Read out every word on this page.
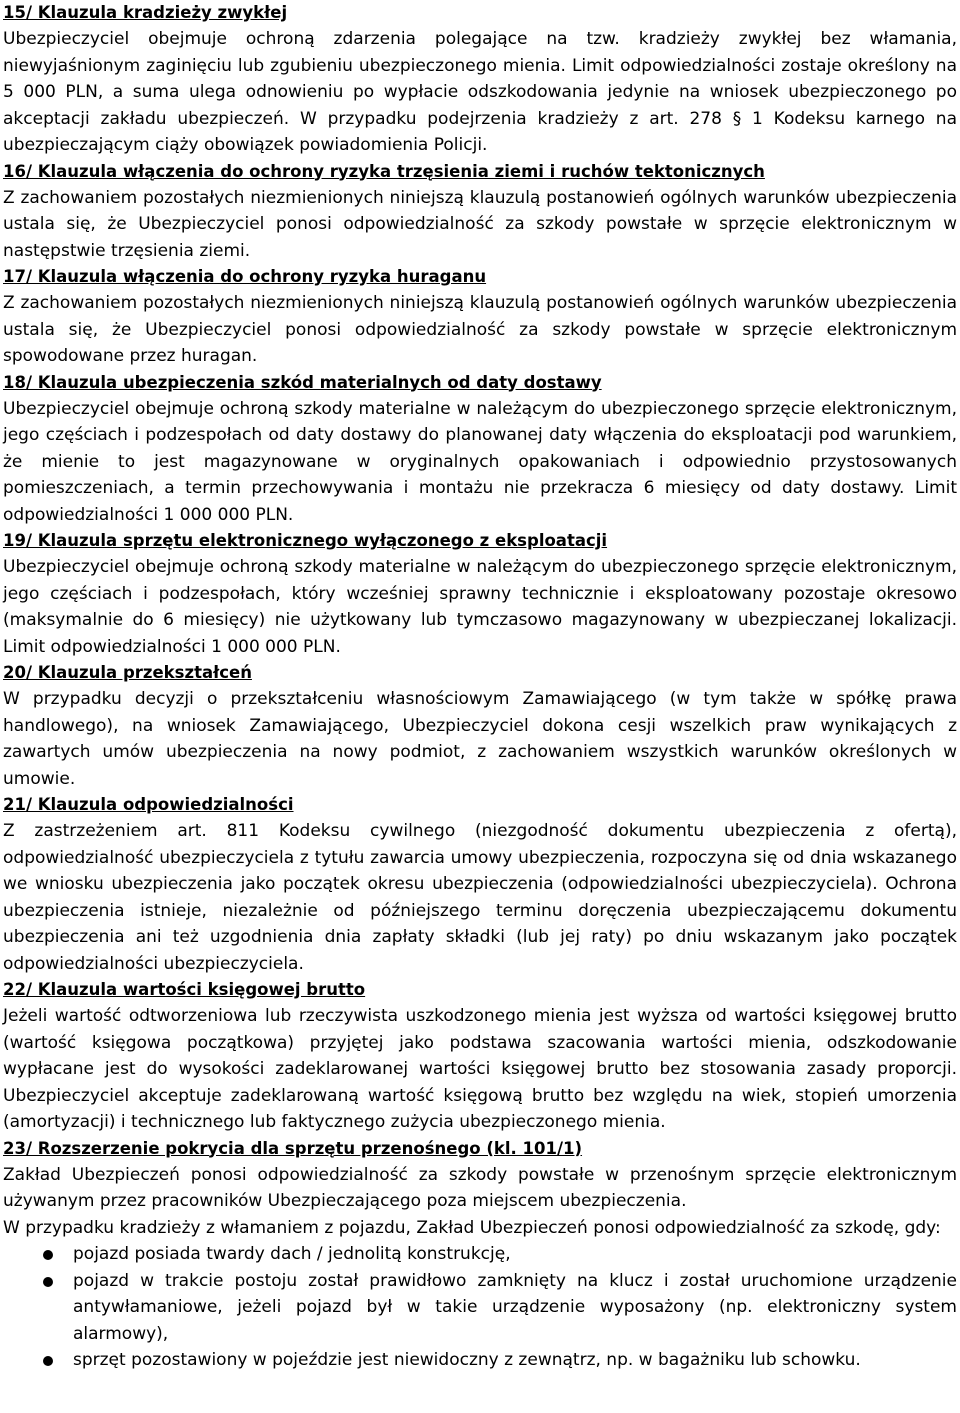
15/ Klauzula kradzieży zwykłej

Ubezpieczyciel obejmuje ochroną zdarzenia polegające na tzw. kradzieży zwykłej bez włamania, niewyjaśnionym zaginięciu lub zgubieniu ubezpieczonego mienia. Limit odpowiedzialności zostaje określony na 5 000 PLN, a suma ulega odnowieniu po wypłacie odszkodowania jedynie na wniosek ubezpieczonego po akceptacji zakładu ubezpieczeń. W przypadku podejrzenia kradzieży z art. 278 § 1 Kodeksu karnego na ubezpieczającym ciąży obowiązek powiadomienia Policji.

16/ Klauzula włączenia do ochrony ryzyka trzęsienia ziemi i ruchów tektonicznych

Z zachowaniem pozostałych niezmienionych niniejszą klauzulą postanowień ogólnych warunków ubezpieczenia ustala się, że Ubezpieczyciel ponosi odpowiedzialność za szkody powstałe w sprzęcie elektronicznym w następstwie trzęsienia ziemi.

17/ Klauzula włączenia do ochrony ryzyka huraganu

Z zachowaniem pozostałych niezmienionych niniejszą klauzulą postanowień ogólnych warunków ubezpieczenia ustala się, że Ubezpieczyciel ponosi odpowiedzialność za szkody powstałe w sprzęcie elektronicznym spowodowane przez huragan.

18/ Klauzula ubezpieczenia szkód materialnych od daty dostawy

Ubezpieczyciel obejmuje ochroną szkody materialne w należącym do ubezpieczonego sprzęcie elektronicznym, jego częściach i podzespołach od daty dostawy do planowanej daty włączenia do eksploatacji pod warunkiem, że mienie to jest magazynowane w oryginalnych opakowaniach i odpowiednio przystosowanych pomieszczeniach, a termin przechowywania i montażu nie przekracza 6 miesięcy od daty dostawy. Limit odpowiedzialności 1 000 000 PLN.

19/ Klauzula sprzętu elektronicznego wyłączonego z eksploatacji

Ubezpieczyciel obejmuje ochroną szkody materialne w należącym do ubezpieczonego sprzęcie elektronicznym, jego częściach i podzespołach, który wcześniej sprawny technicznie i eksploatowany pozostaje okresowo (maksymalnie do 6 miesięcy) nie użytkowany lub tymczasowo magazynowany w ubezpieczanej lokalizacji. Limit odpowiedzialności 1 000 000 PLN.

20/ Klauzula przekształceń

W przypadku decyzji o przekształceniu własnościowym Zamawiającego (w tym także w spółkę prawa handlowego), na wniosek Zamawiającego, Ubezpieczyciel dokona cesji wszelkich praw wynikających z zawartych umów ubezpieczenia na nowy podmiot, z zachowaniem wszystkich warunków określonych w umowie.

21/ Klauzula odpowiedzialności

Z zastrzeżeniem art. 811 Kodeksu cywilnego (niezgodność dokumentu ubezpieczenia z ofertą), odpowiedzialność ubezpieczyciela z tytułu zawarcia umowy ubezpieczenia, rozpoczyna się od dnia wskazanego we wniosku ubezpieczenia jako początek okresu ubezpieczenia (odpowiedzialności ubezpieczyciela). Ochrona ubezpieczenia istnieje, niezależnie od późniejszego terminu doręczenia ubezpieczającemu dokumentu ubezpieczenia ani też uzgodnienia dnia zapłaty składki (lub jej raty) po dniu wskazanym jako początek odpowiedzialności ubezpieczyciela.

22/ Klauzula wartości księgowej brutto

Jeżeli wartość odtworzeniowa lub rzeczywista uszkodzonego mienia jest wyższa od wartości księgowej brutto (wartość księgowa początkowa) przyjętej jako podstawa szacowania wartości mienia, odszkodowanie wypłacane jest do wysokości zadeklarowanej wartości księgowej brutto bez stosowania zasady proporcji. Ubezpieczyciel akceptuje zadeklarowaną wartość księgową brutto bez względu na wiek, stopień umorzenia (amortyzacji) i technicznego lub faktycznego zużycia ubezpieczonego mienia.

23/ Rozszerzenie pokrycia dla sprzętu przenośnego (kl. 101/1)

Zakład Ubezpieczeń ponosi odpowiedzialność za szkody powstałe w przenośnym sprzęcie elektronicznym używanym przez pracowników Ubezpieczającego poza miejscem ubezpieczenia.

W przypadku kradzieży z włamaniem z pojazdu, Zakład Ubezpieczeń ponosi odpowiedzialność za szkodę, gdy:

pojazd posiada twardy dach / jednolitą konstrukcję,
pojazd w trakcie postoju został prawidłowo zamknięty na klucz i został uruchomione urządzenie antywłamaniowe, jeżeli pojazd był w takie urządzenie wyposażony (np. elektroniczny system alarmowy),
sprzęt pozostawiony w pojeździe jest niewidoczny z zewnątrz, np. w bagażniku lub schowku.
